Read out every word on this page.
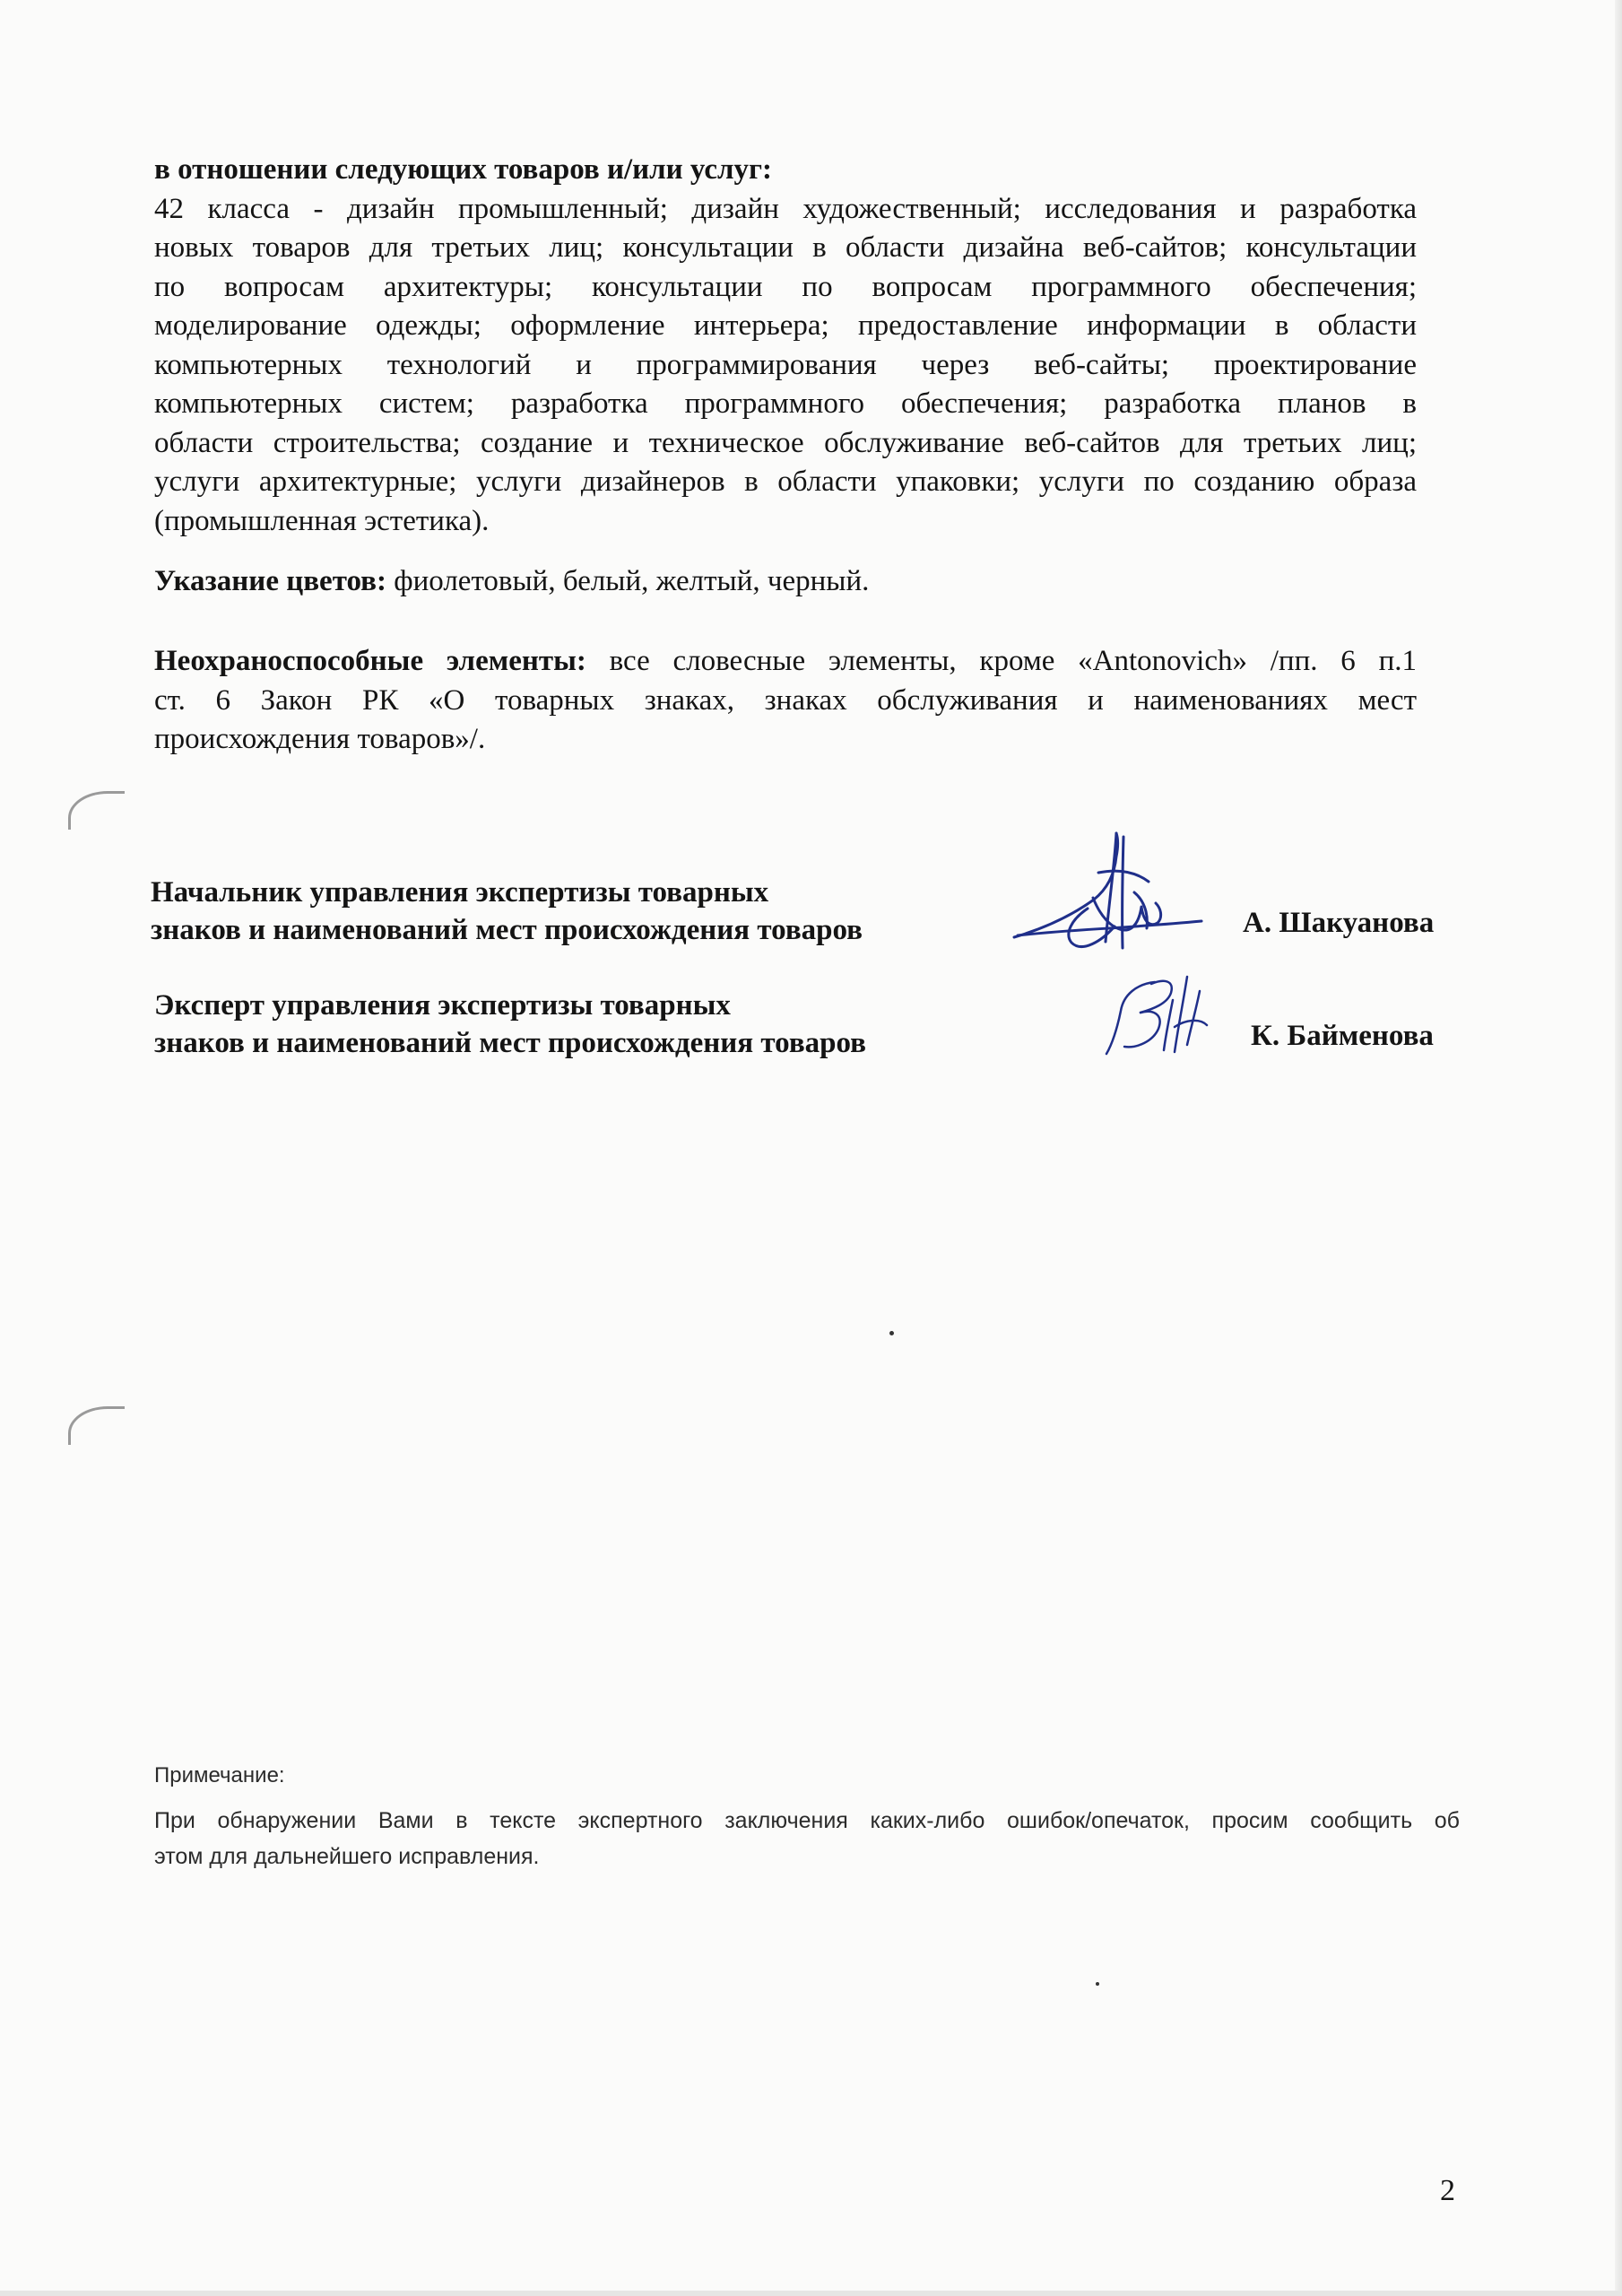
в отношении следующих товаров и/или услуг:

42 класса - дизайн промышленный; дизайн художественный; исследования и разработка

новых товаров для третьих лиц; консультации в области дизайна веб-сайтов; консультации

по вопросам архитектуры; консультации по вопросам программного обеспечения;

моделирование одежды; оформление интерьера; предоставление информации в области

компьютерных технологий и программирования через веб-сайты; проектирование

компьютерных систем; разработка программного обеспечения; разработка планов в

области строительства; создание и техническое обслуживание веб-сайтов для третьих лиц;

услуги архитектурные; услуги дизайнеров в области упаковки; услуги по созданию образа

(промышленная эстетика).

Указание цветов: фиолетовый, белый, желтый, черный.

Неохраноспособные элементы: все словесные элементы, кроме «Antonovich» /пп. 6 п.1

ст. 6 Закон РК «О товарных знаках, знаках обслуживания и наименованиях мест

происхождения товаров»/.

Начальник управления экспертизы товарных
знаков и наименований мест происхождения товаров	А. Шакуанова
Эксперт управления экспертизы товарных
знаков и наименований мест происхождения товаров	К. Байменова
Примечание:

При обнаружении Вами в тексте экспертного заключения каких-либо ошибок/опечаток, просим сообщить об

этом для дальнейшего исправления.

2
